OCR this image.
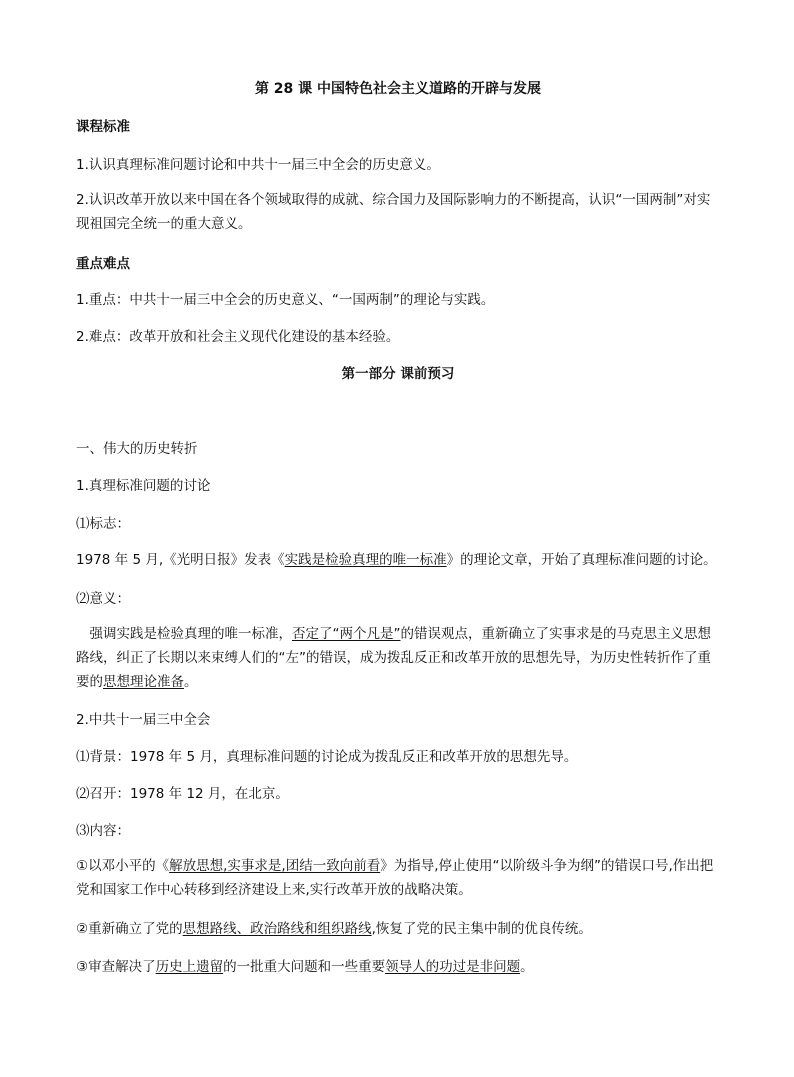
第 28 课 中国特色社会主义道路的开辟与发展
课程标准
1.认识真理标准问题讨论和中共十一届三中全会的历史意义。
2.认识改革开放以来中国在各个领域取得的成就、综合国力及国际影响力的不断提高，认识“一国两制”对实现祖国完全统一的重大意义。
重点难点
1.重点：中共十一届三中全会的历史意义、“一国两制”的理论与实践。
2.难点：改革开放和社会主义现代化建设的基本经验。
第一部分 课前预习
一、伟大的历史转折
1.真理标准问题的讨论
⑴标志：
1978 年 5 月,《光明日报》发表《实践是检验真理的唯一标准》的理论文章，开始了真理标准问题的讨论。
⑵意义：
　强调实践是检验真理的唯一标准，否定了“两个凡是”的错误观点，重新确立了实事求是的马克思主义思想路线，纠正了长期以来束缚人们的“左”的错误，成为拨乱反正和改革开放的思想先导，为历史性转折作了重要的思想理论准备。
2.中共十一届三中全会
⑴背景：1978 年 5 月，真理标准问题的讨论成为拨乱反正和改革开放的思想先导。
⑵召开：1978 年 12 月，在北京。
⑶内容：
①以邓小平的《解放思想,实事求是,团结一致向前看》为指导,停止使用“以阶级斗争为纲”的错误口号,作出把党和国家工作中心转移到经济建设上来,实行改革开放的战略决策。
②重新确立了党的思想路线、政治路线和组织路线,恢复了党的民主集中制的优良传统。
③审查解决了历史上遗留的一批重大问题和一些重要领导人的功过是非问题。
